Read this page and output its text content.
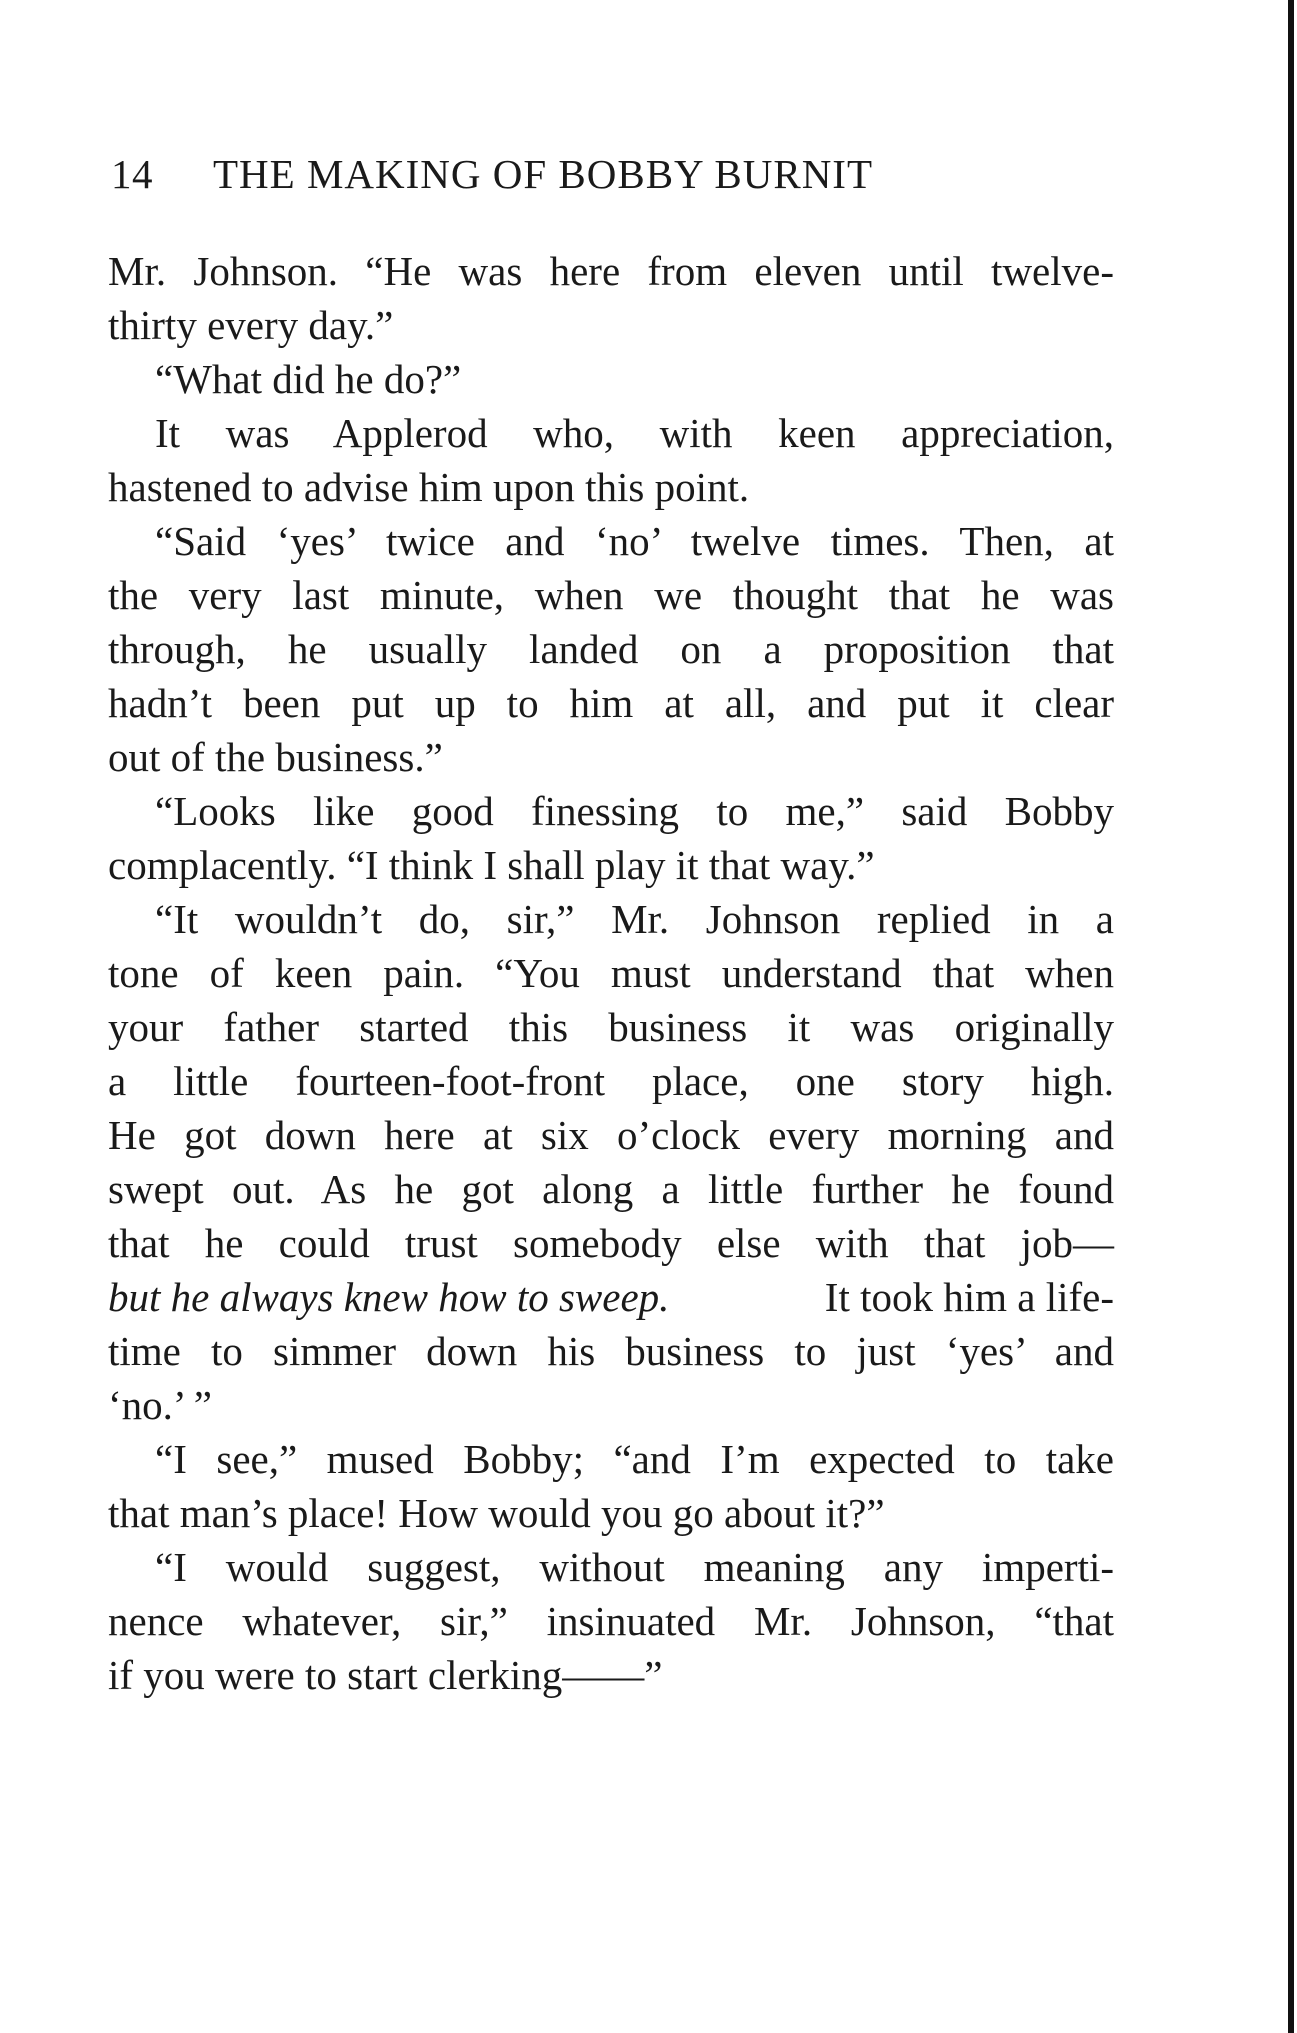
14 THE MAKING OF BOBBY BURNIT
Mr. Johnson. “He was here from eleven until twelve-
thirty every day.”
“What did he do?”
It was Applerod who, with keen appreciation,
hastened to advise him upon this point.
“Said ‘yes’ twice and ‘no’ twelve times. Then, at
the very last minute, when we thought that he was
through, he usually landed on a proposition that
hadn’t been put up to him at all, and put it clear
out of the business.”
“Looks like good finessing to me,” said Bobby
complacently. “I think I shall play it that way.”
“It wouldn’t do, sir,” Mr. Johnson replied in a
tone of keen pain. “You must understand that when
your father started this business it was originally
a little fourteen-foot-front place, one story high.
He got down here at six o’clock every morning and
swept out. As he got along a little further he found
that he could trust somebody else with that job—
but he always knew how to sweep.	It took him a life-
time to simmer down his business to just ‘yes’ and
‘no.’ ”
“I see,” mused Bobby; “and I’m expected to take
that man’s place! How would you go about it?”
“I would suggest, without meaning any imperti-
nence whatever, sir,” insinuated Mr. Johnson, “that
if you were to start clerking——”
